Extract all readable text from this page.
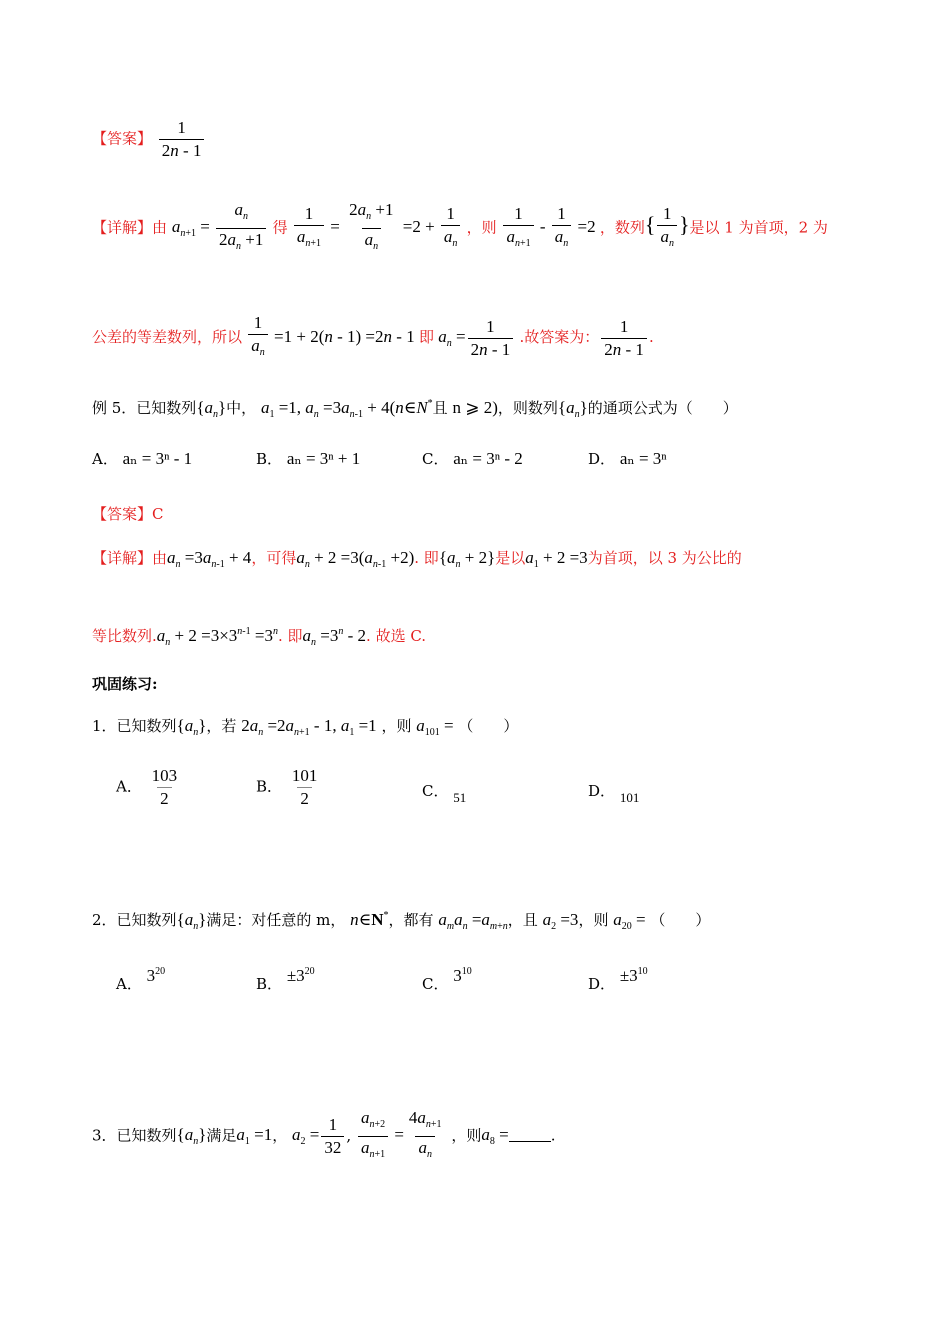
【答案】 $\frac{1}{2n - 1}$
【详解】由 $a_{n+1} = \frac{a_n}{2a_n +1}$ 得 $\frac{1}{a_{n+1}} = \frac{2a_n +1}{a_n} =2 + \frac{1}{a_n}$ ，则 $\frac{1}{a_{n+1}} - \frac{1}{a_n} =2$ ，数列{ $\frac{1}{a_n}$ }是以 1 为首项，2 为
公差的等差数列，所以 $\frac{1}{a_n} =1 + 2(n - 1) =2n - 1$ 即 $a_n = \frac{1}{2n - 1}$ .故答案为： $\frac{1}{2n - 1}$ .
例 5．已知数列$\{a_n\}$中， $a_1 =1$, $a_n =3a_{n-1}$ + 4(n∈N*且 n ⩾ 2)，则数列$\{a_n\}$的通项公式为（　　）
A． aₙ = 3ⁿ - 1	B． aₙ = 3ⁿ + 1	C． aₙ = 3ⁿ - 2	D． aₙ = 3ⁿ
【答案】C
【详解】由$a_n =3a_{n-1} + 4$，可得$a_n + 2 =3(a_{n-1} +2)$. 即$\{a_n + 2\}$是以$a_1 + 2 =3$为首项，以 3 为公比的
等比数列$.a_n + 2 =3\times 3^{n-1} =3^n$. 即$a_n =3^n - 2$. 故选 C.
巩固练习:
1．已知数列$\{a_n\}$，若 $2a_n =2a_{n+1} - 1$, $a_1 =1$ ，则 $a_{101}$ = （　　）
A． $\frac{103}{2}$	B． $\frac{101}{2}$	C． 51	D． 101
2．已知数列$\{a_n\}$满足：对任意的 m， n∈N*，都有 $a_ma_n =a_{m+n}$，且 $a_2 =3$，则 $a_{20}$ = （　　）
A． $3^{20}$
B． $\pm 3^{20}$
C． $3^{10}$
D． $\pm 3^{10}$
3．已知数列$\{a_n\}$满足$a_1 =1$， $a_2 = \frac{1}{32}$ , $\frac{a_{n+2}}{a_{n+1}} = \frac{4a_{n+1}}{a_n}$ ，则$a_8$ =	.
